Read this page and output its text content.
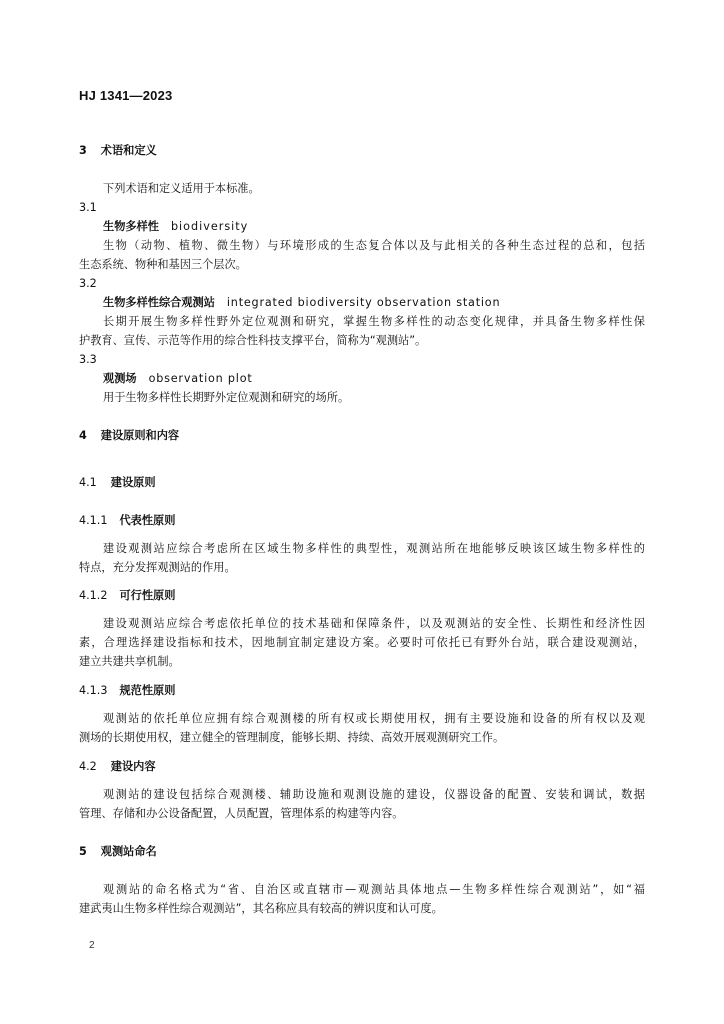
HJ 1341—2023
3 术语和定义
下列术语和定义适用于本标准。
3.1
生物多样性 biodiversity
生物（动物、植物、微生物）与环境形成的生态复合体以及与此相关的各种生态过程的总和，包括
生态系统、物种和基因三个层次。
3.2
生物多样性综合观测站 integrated biodiversity observation station
长期开展生物多样性野外定位观测和研究，掌握生物多样性的动态变化规律，并具备生物多样性保
护教育、宣传、示范等作用的综合性科技支撑平台，简称为“观测站”。
3.3
观测场 observation plot
用于生物多样性长期野外定位观测和研究的场所。
4 建设原则和内容
4.1 建设原则
4.1.1 代表性原则
建设观测站应综合考虑所在区域生物多样性的典型性，观测站所在地能够反映该区域生物多样性的
特点，充分发挥观测站的作用。
4.1.2 可行性原则
建设观测站应综合考虑依托单位的技术基础和保障条件，以及观测站的安全性、长期性和经济性因
素，合理选择建设指标和技术，因地制宜制定建设方案。必要时可依托已有野外台站，联合建设观测站，
建立共建共享机制。
4.1.3 规范性原则
观测站的依托单位应拥有综合观测楼的所有权或长期使用权，拥有主要设施和设备的所有权以及观
测场的长期使用权，建立健全的管理制度，能够长期、持续、高效开展观测研究工作。
4.2 建设内容
观测站的建设包括综合观测楼、辅助设施和观测设施的建设，仪器设备的配置、安装和调试，数据
管理、存储和办公设备配置，人员配置，管理体系的构建等内容。
5 观测站命名
观测站的命名格式为“省、自治区或直辖市—观测站具体地点—生物多样性综合观测站”，如“福
建武夷山生物多样性综合观测站”，其名称应具有较高的辨识度和认可度。
2
